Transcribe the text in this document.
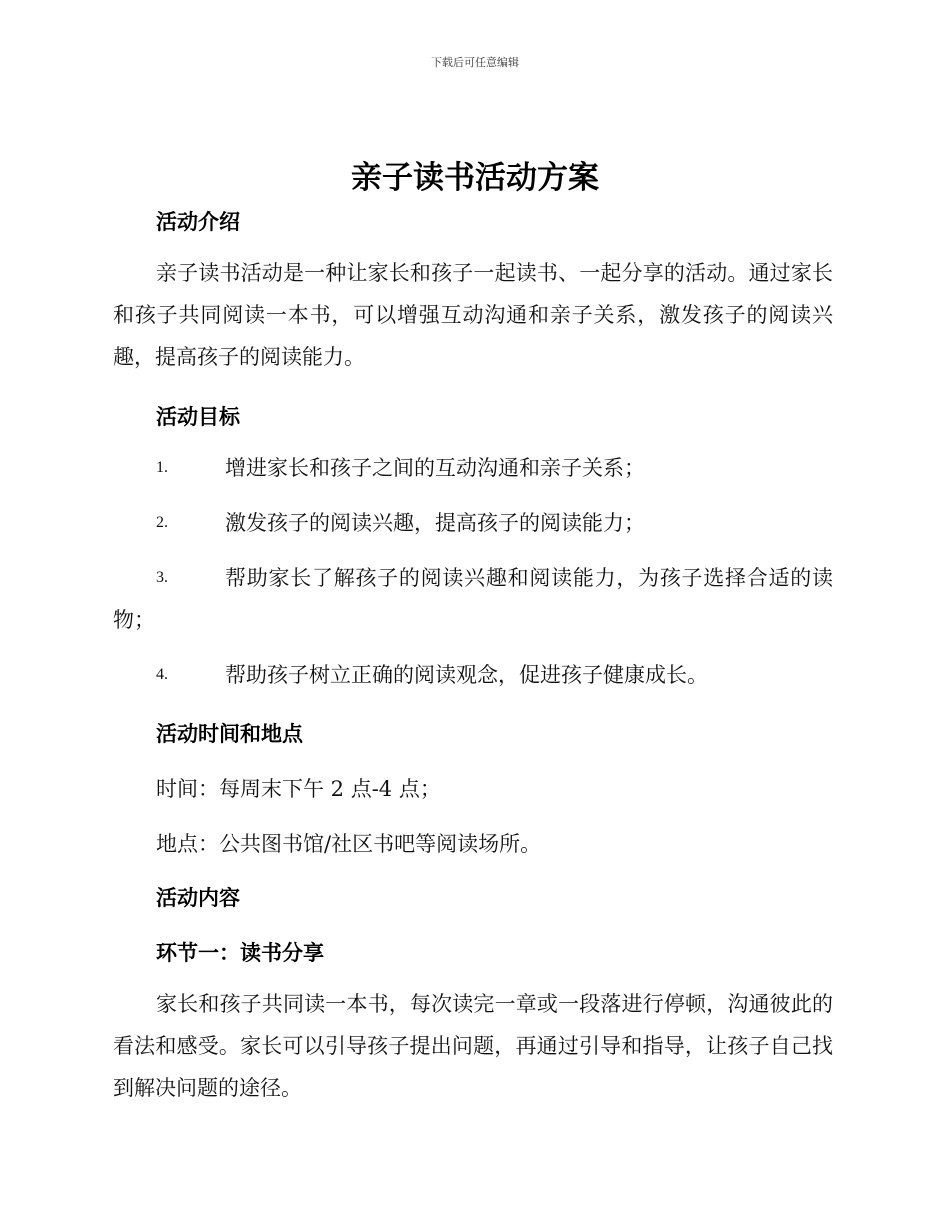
下载后可任意编辑
亲子读书活动方案
活动介绍
亲子读书活动是一种让家长和孩子一起读书、一起分享的活动。通过家长和孩子共同阅读一本书，可以增强互动沟通和亲子关系，激发孩子的阅读兴趣，提高孩子的阅读能力。
活动目标
1.	增进家长和孩子之间的互动沟通和亲子关系；
2.	激发孩子的阅读兴趣，提高孩子的阅读能力；
3.	帮助家长了解孩子的阅读兴趣和阅读能力，为孩子选择合适的读物；
4.	帮助孩子树立正确的阅读观念，促进孩子健康成长。
活动时间和地点
时间：每周末下午 2 点-4 点；
地点：公共图书馆/社区书吧等阅读场所。
活动内容
环节一：读书分享
家长和孩子共同读一本书，每次读完一章或一段落进行停顿，沟通彼此的看法和感受。家长可以引导孩子提出问题，再通过引导和指导，让孩子自己找到解决问题的途径。
